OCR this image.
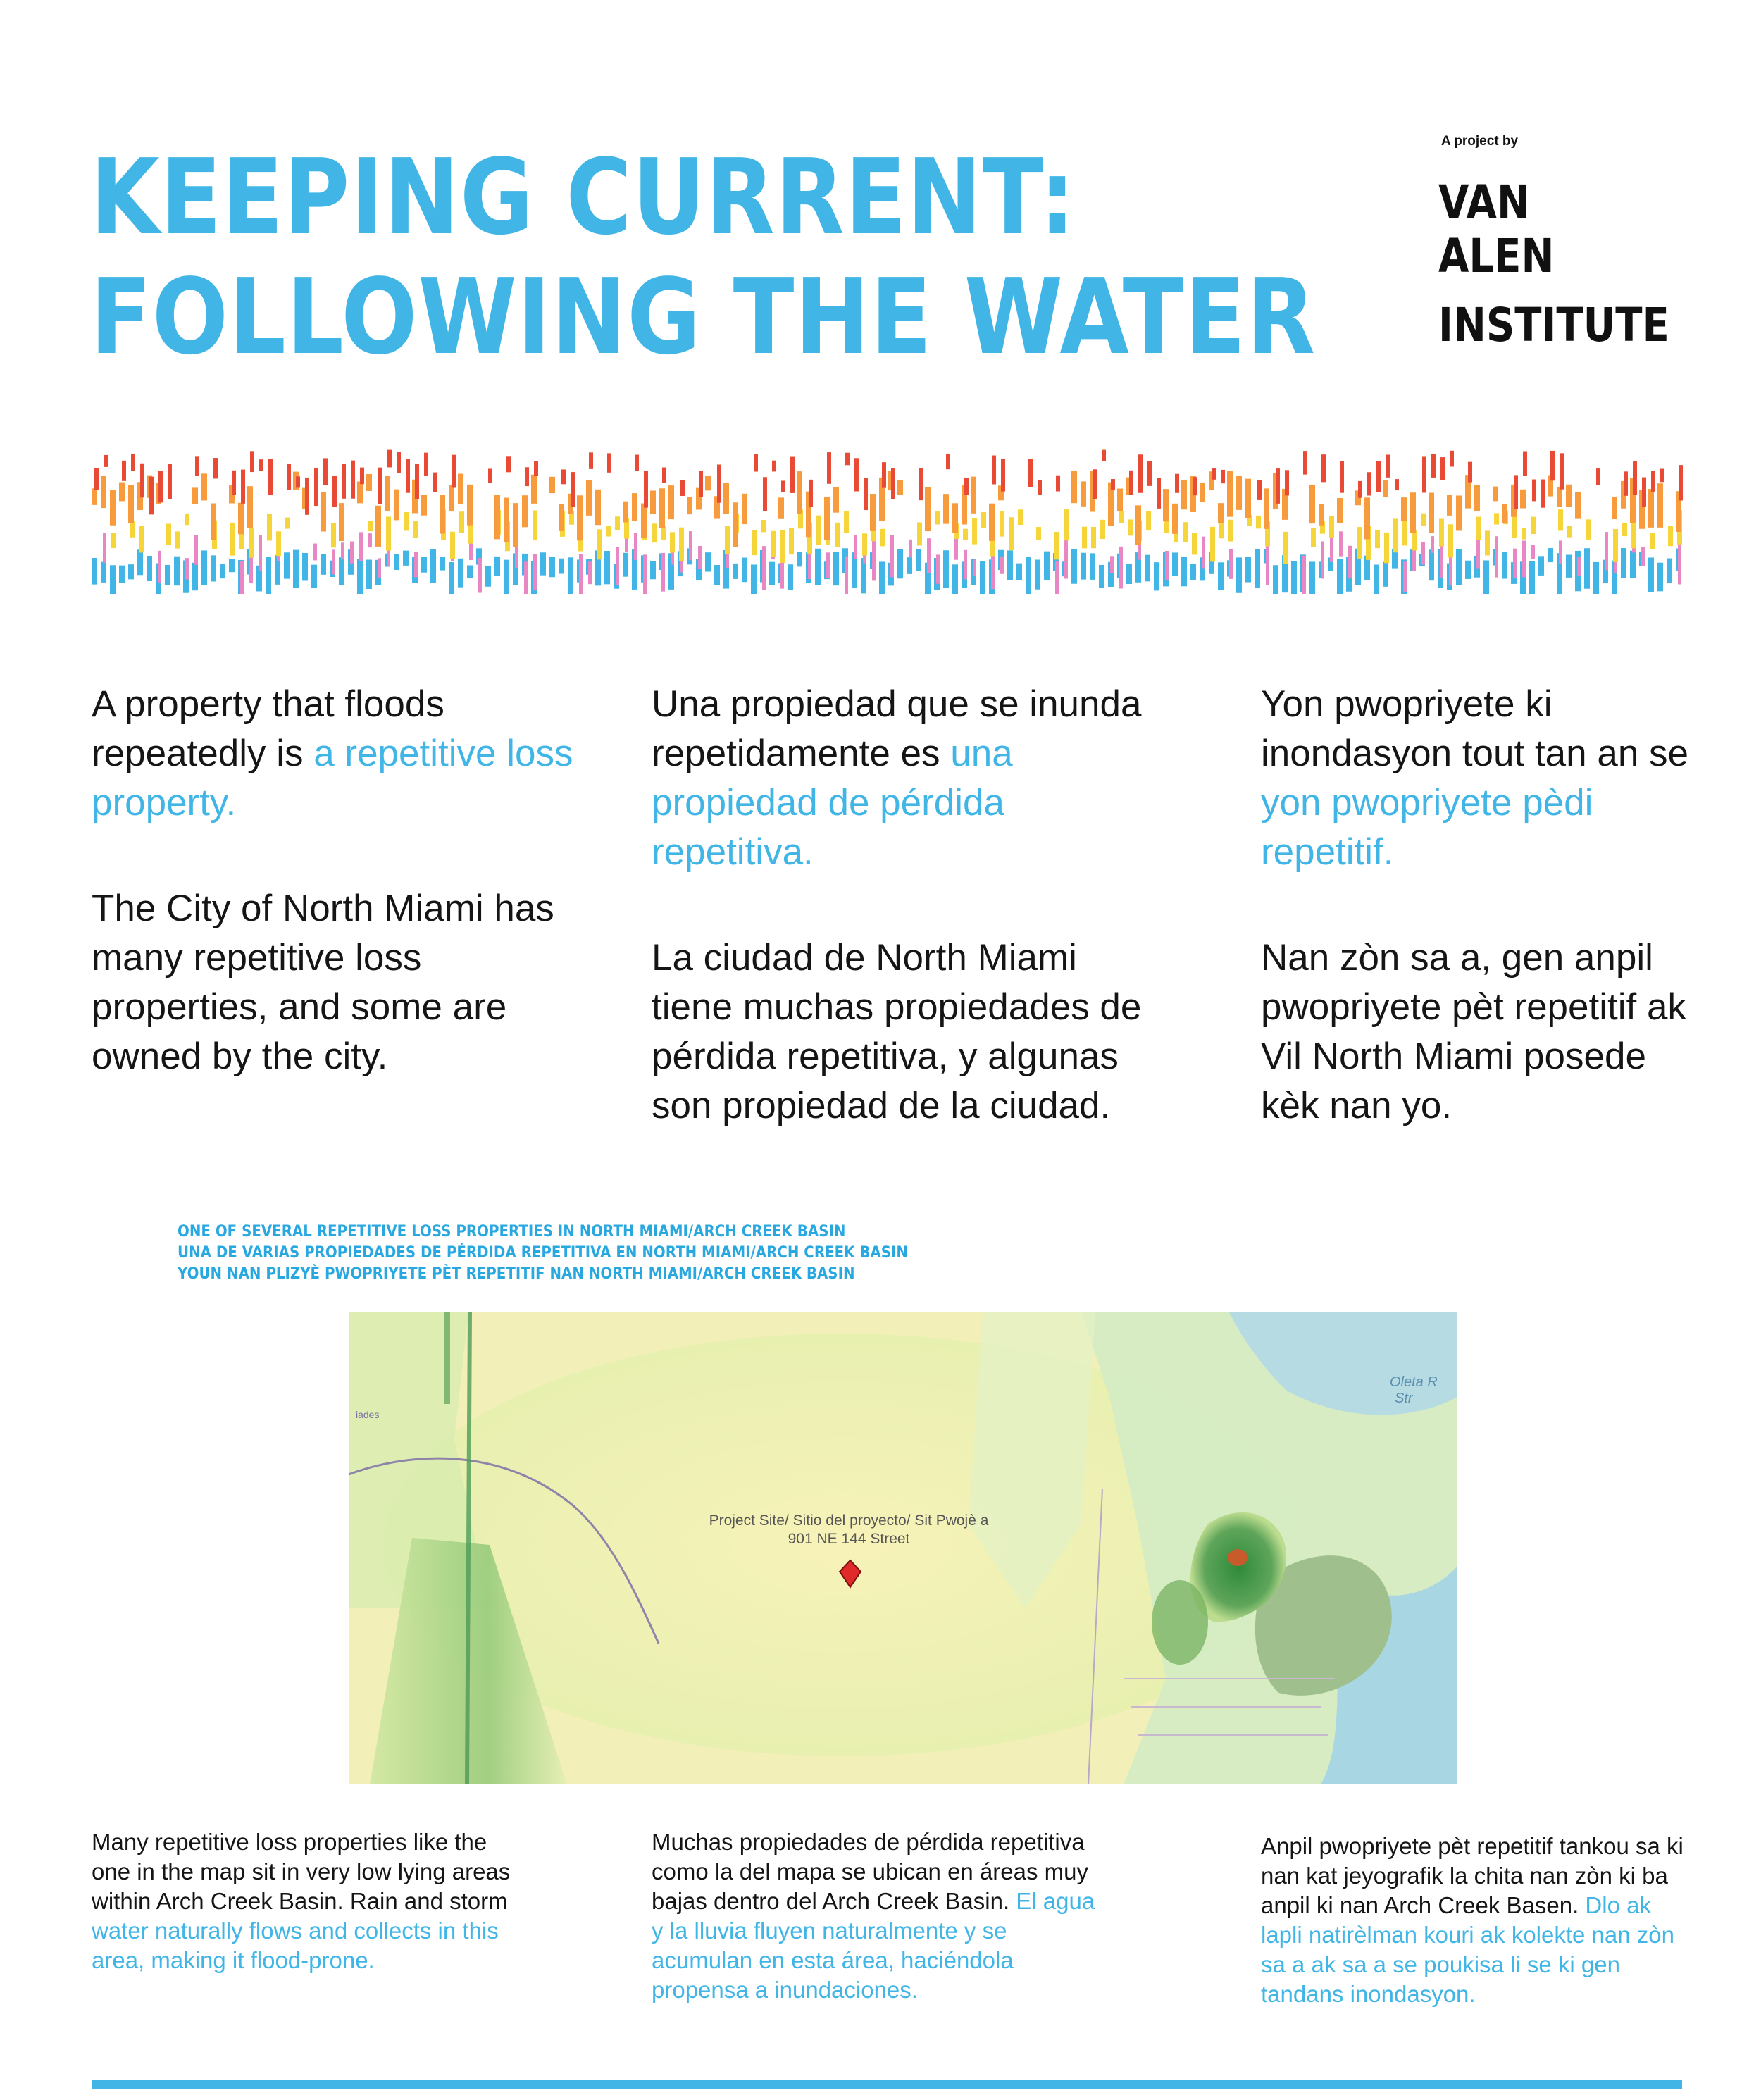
KEEPING CURRENT:
FOLLOWING THE WATER
A project by
VAN
ALEN
INSTITUTE

A property that floods repeatedly is a repetitive loss property.

The City of North Miami has many repetitive loss properties, and some are owned by the city.

Una propiedad que se inunda repetidamente es una propiedad de pérdida repetitiva.

La ciudad de North Miami tiene muchas propiedades de pérdida repetitiva, y algunas son propiedad de la ciudad.

Yon pwopriyete ki inondasyon tout tan an se yon pwopriyete pèdi repetitif.

Nan zòn sa a, gen anpil pwopriyete pèt repetitif ak Vil North Miami posede kèk nan yo.

ONE OF SEVERAL REPETITIVE LOSS PROPERTIES IN NORTH MIAMI/ARCH CREEK BASIN
UNA DE VARIAS PROPIEDADES DE PÉRDIDA REPETITIVA EN NORTH MIAMI/ARCH CREEK BASIN
YOUN NAN PLIZYÈ PWOPRIYETE PÈT REPETITIF NAN NORTH MIAMI/ARCH CREEK BASIN
iades
Oleta R
Str
Project Site/ Sitio del proyecto/ Sit Pwojè a
901 NE 144 Street
Many repetitive loss properties like the one in the map sit in very low lying areas within Arch Creek Basin. Rain and storm water naturally flows and collects in this area, making it flood-prone.
Muchas propiedades de pérdida repetitiva como la del mapa se ubican en áreas muy bajas dentro del Arch Creek Basin. El agua y la lluvia fluyen naturalmente y se acumulan en esta área, haciéndola propensa a inundaciones.
Anpil pwopriyete pèt repetitif tankou sa ki nan kat jeyografik la chita nan zòn ki ba anpil ki nan Arch Creek Basen. Dlo ak lapli natirèlman kouri ak kolekte nan zòn sa a ak sa a se poukisa li se ki gen tandans inondasyon.
